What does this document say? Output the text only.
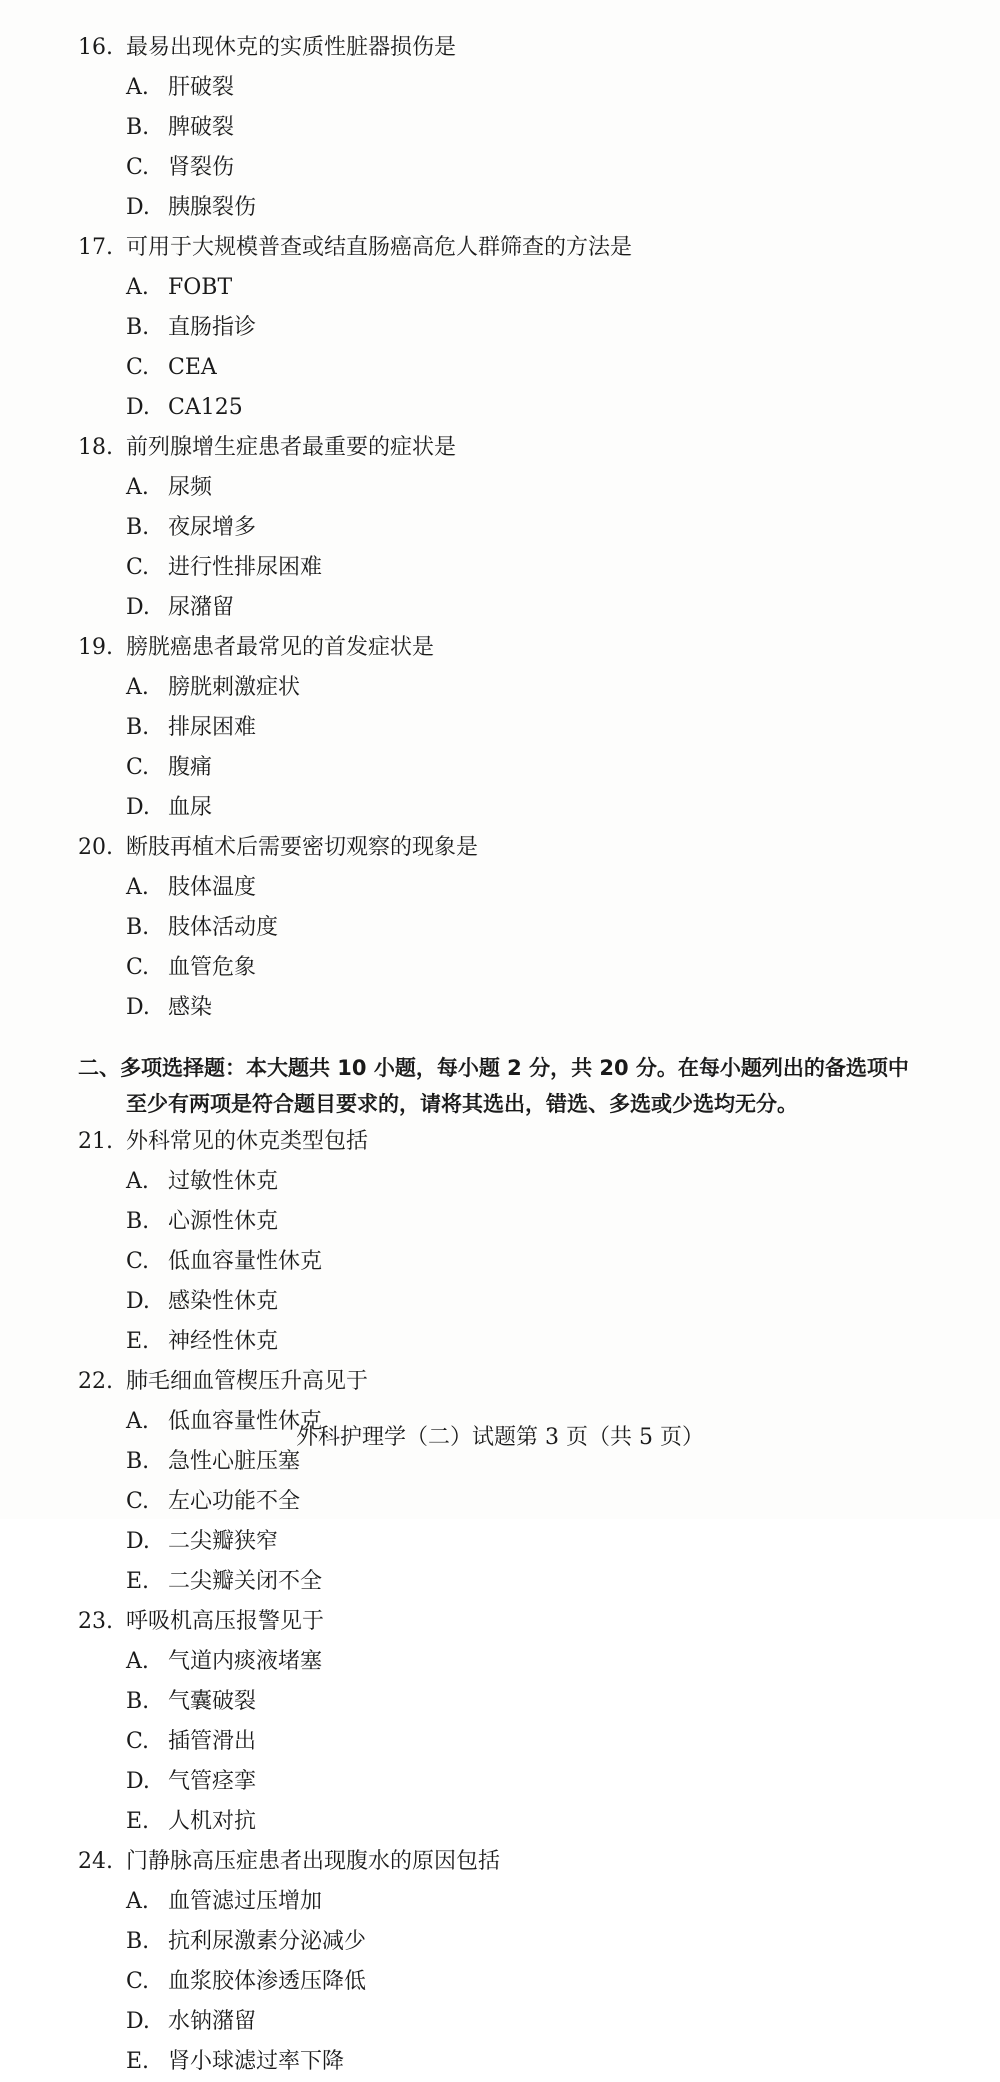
16. 最易出现休克的实质性脏器损伤是
A. 肝破裂
B. 脾破裂
C. 肾裂伤
D. 胰腺裂伤
17. 可用于大规模普查或结直肠癌高危人群筛查的方法是
A. FOBT
B. 直肠指诊
C. CEA
D. CA125
18. 前列腺增生症患者最重要的症状是
A. 尿频
B. 夜尿增多
C. 进行性排尿困难
D. 尿潴留
19. 膀胱癌患者最常见的首发症状是
A. 膀胱刺激症状
B. 排尿困难
C. 腹痛
D. 血尿
20. 断肢再植术后需要密切观察的现象是
A. 肢体温度
B. 肢体活动度
C. 血管危象
D. 感染
二、多项选择题：本大题共 10 小题，每小题 2 分，共 20 分。在每小题列出的备选项中
至少有两项是符合题目要求的，请将其选出，错选、多选或少选均无分。
21. 外科常见的休克类型包括
A. 过敏性休克
B. 心源性休克
C. 低血容量性休克
D. 感染性休克
E. 神经性休克
22. 肺毛细血管楔压升高见于
A. 低血容量性休克
B. 急性心脏压塞
C. 左心功能不全
D. 二尖瓣狭窄
E. 二尖瓣关闭不全
23. 呼吸机高压报警见于
A. 气道内痰液堵塞
B. 气囊破裂
C. 插管滑出
D. 气管痉挛
E. 人机对抗
24. 门静脉高压症患者出现腹水的原因包括
A. 血管滤过压增加
B. 抗利尿激素分泌减少
C. 血浆胶体渗透压降低
D. 水钠潴留
E. 肾小球滤过率下降
外科护理学（二）试题第 3 页（共 5 页）
